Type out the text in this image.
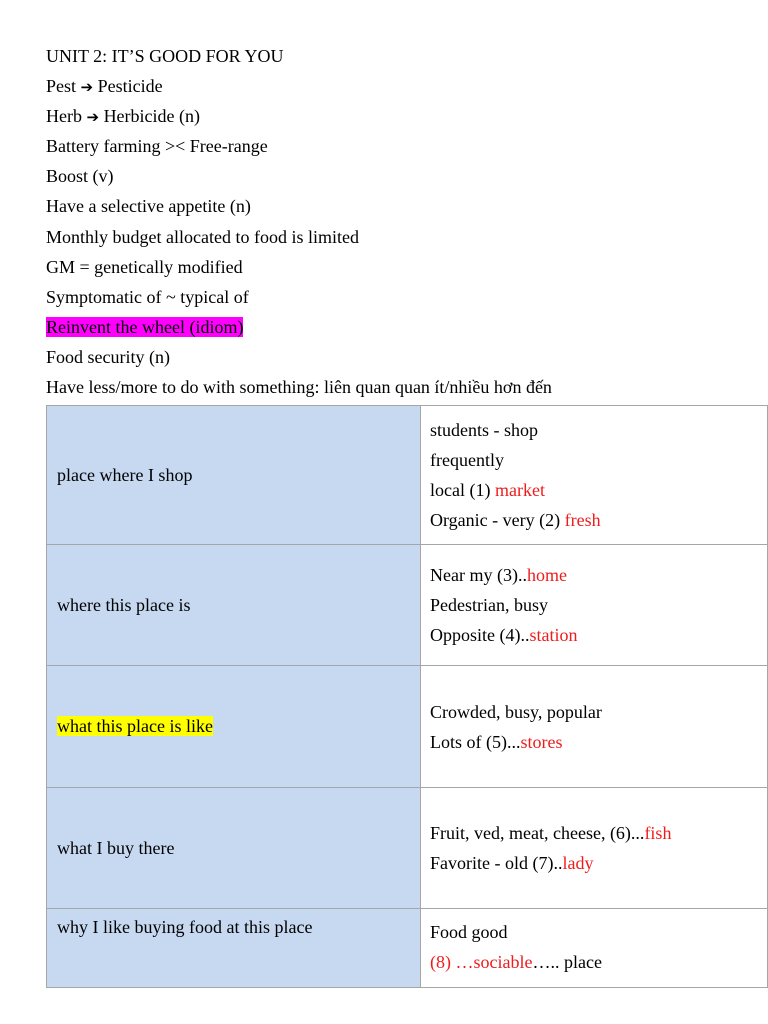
UNIT 2: IT’S GOOD FOR YOU
Pest ➔ Pesticide
Herb ➔ Herbicide (n)
Battery farming >< Free-range
Boost (v)
Have a selective appetite (n)
Monthly budget allocated to food is limited
GM = genetically modified
Symptomatic of ~ typical of
Reinvent the wheel (idiom)
Food security (n)
Have less/more to do with something: liên quan quan ít/nhiều hơn đến
place where I shop	students - shop
frequently
local (1) market
Organic - very (2) fresh

where this place is	Near my (3)..home
Pedestrian, busy
Opposite (4)..station

what this place is like	Crowded, busy, popular
Lots of (5)...stores

what I buy there	Fruit, ved, meat, cheese, (6)...fish
Favorite - old (7)..lady

why I like buying food at this place	Food good
(8) …sociable….. place
